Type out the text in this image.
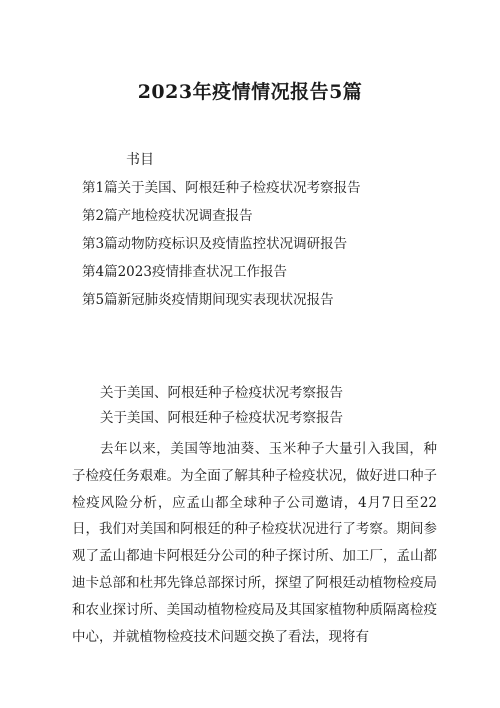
2023年疫情情况报告5篇
书目
第1篇关于美国、阿根廷种子检疫状况考察报告
第2篇产地检疫状况调查报告
第3篇动物防疫标识及疫情监控状况调研报告
第4篇2023疫情排查状况工作报告
第5篇新冠肺炎疫情期间现实表现状况报告
关于美国、阿根廷种子检疫状况考察报告
关于美国、阿根廷种子检疫状况考察报告

去年以来，美国等地油葵、玉米种子大量引入我国，种子检疫任务艰难。为全面了解其种子检疫状况，做好进口种子检疫风险分析，应孟山都全球种子公司邀请，4月7日至22日，我们对美国和阿根廷的种子检疫状况进行了考察。期间参观了孟山都迪卡阿根廷分公司的种子探讨所、加工厂，孟山都迪卡总部和杜邦先锋总部探讨所，探望了阿根廷动植物检疫局和农业探讨所、美国动植物检疫局及其国家植物种质隔离检疫中心，并就植物检疫技术问题交换了看法，现将有
